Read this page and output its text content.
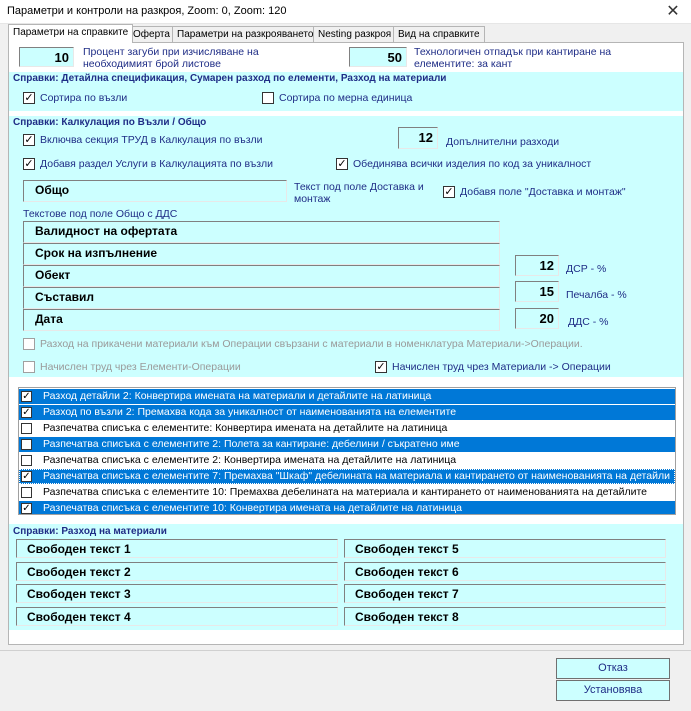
Параметри и контроли на разкроя, Zoom: 0, Zoom: 120	✕
Параметри на справките Оферта Параметри на разкрояването Nesting разкроя Вид на справките
10	Процент загуби при изчисляване на необходимият брой листове	50	Технологичен отпадък при кантиране на елементите: за кант
Справки: Детайлна спецификация, Сумарен разход по елементи, Разход на материали
✓ Сортира по възли	Сортира по мерна единица
Справки: Калкулация по Възли / Общо
✓ Включва секция ТРУД в Калкулация по възли	12	Допълнителни разходи
✓ Добавя раздел Услуги в Калкулацията по възли	✓ Обединява всички изделия по код за уникалност
Общо	Текст под поле Доставка и монтаж
✓ Добавя поле "Доставка и монтаж"
Текстове под поле Общо с ДДС
Валидност на офертата
Срок на изпълнение
Обект
Съставил
Дата
12	ДСР - %
15	Печалба - %
20	ДДС - %
Разход на прикачени материали към Операции свързани с материали в номенклатура Материали->Операции.
Начислен труд чрез Елементи-Операции	✓ Начислен труд чрез Материали -> Операции
✓ Разход детайли 2: Конвертира имената на материали и детайлите на латиница
✓ Разход по възли 2: Премахва кода за уникалност от наименованията на елементите
Разпечатва списъка с елементите: Конвертира имената на детайлите на латиница
Разпечатва списъка с елементите 2: Полета за кантиране: дебелини / съкратено име
Разпечатва списъка с елементите 2: Конвертира имената на детайлите на латиница
✓ Разпечатва списъка с елементите 7: Премахва "Шкаф" дебелината на материала и кантирането от наименованията на детайли
Разпечатва списъка с елементите 10: Премахва дебелината на материала и кантирането от наименованията на детайлите
✓ Разпечатва списъка с елементите 10: Конвертира имената на детайлите на латиница
Справки: Разход на материали
Свободен текст 1
Свободен текст 2
Свободен текст 3
Свободен текст 4
Свободен текст 5
Свободен текст 6
Свободен текст 7
Свободен текст 8
Отказ
Установява
